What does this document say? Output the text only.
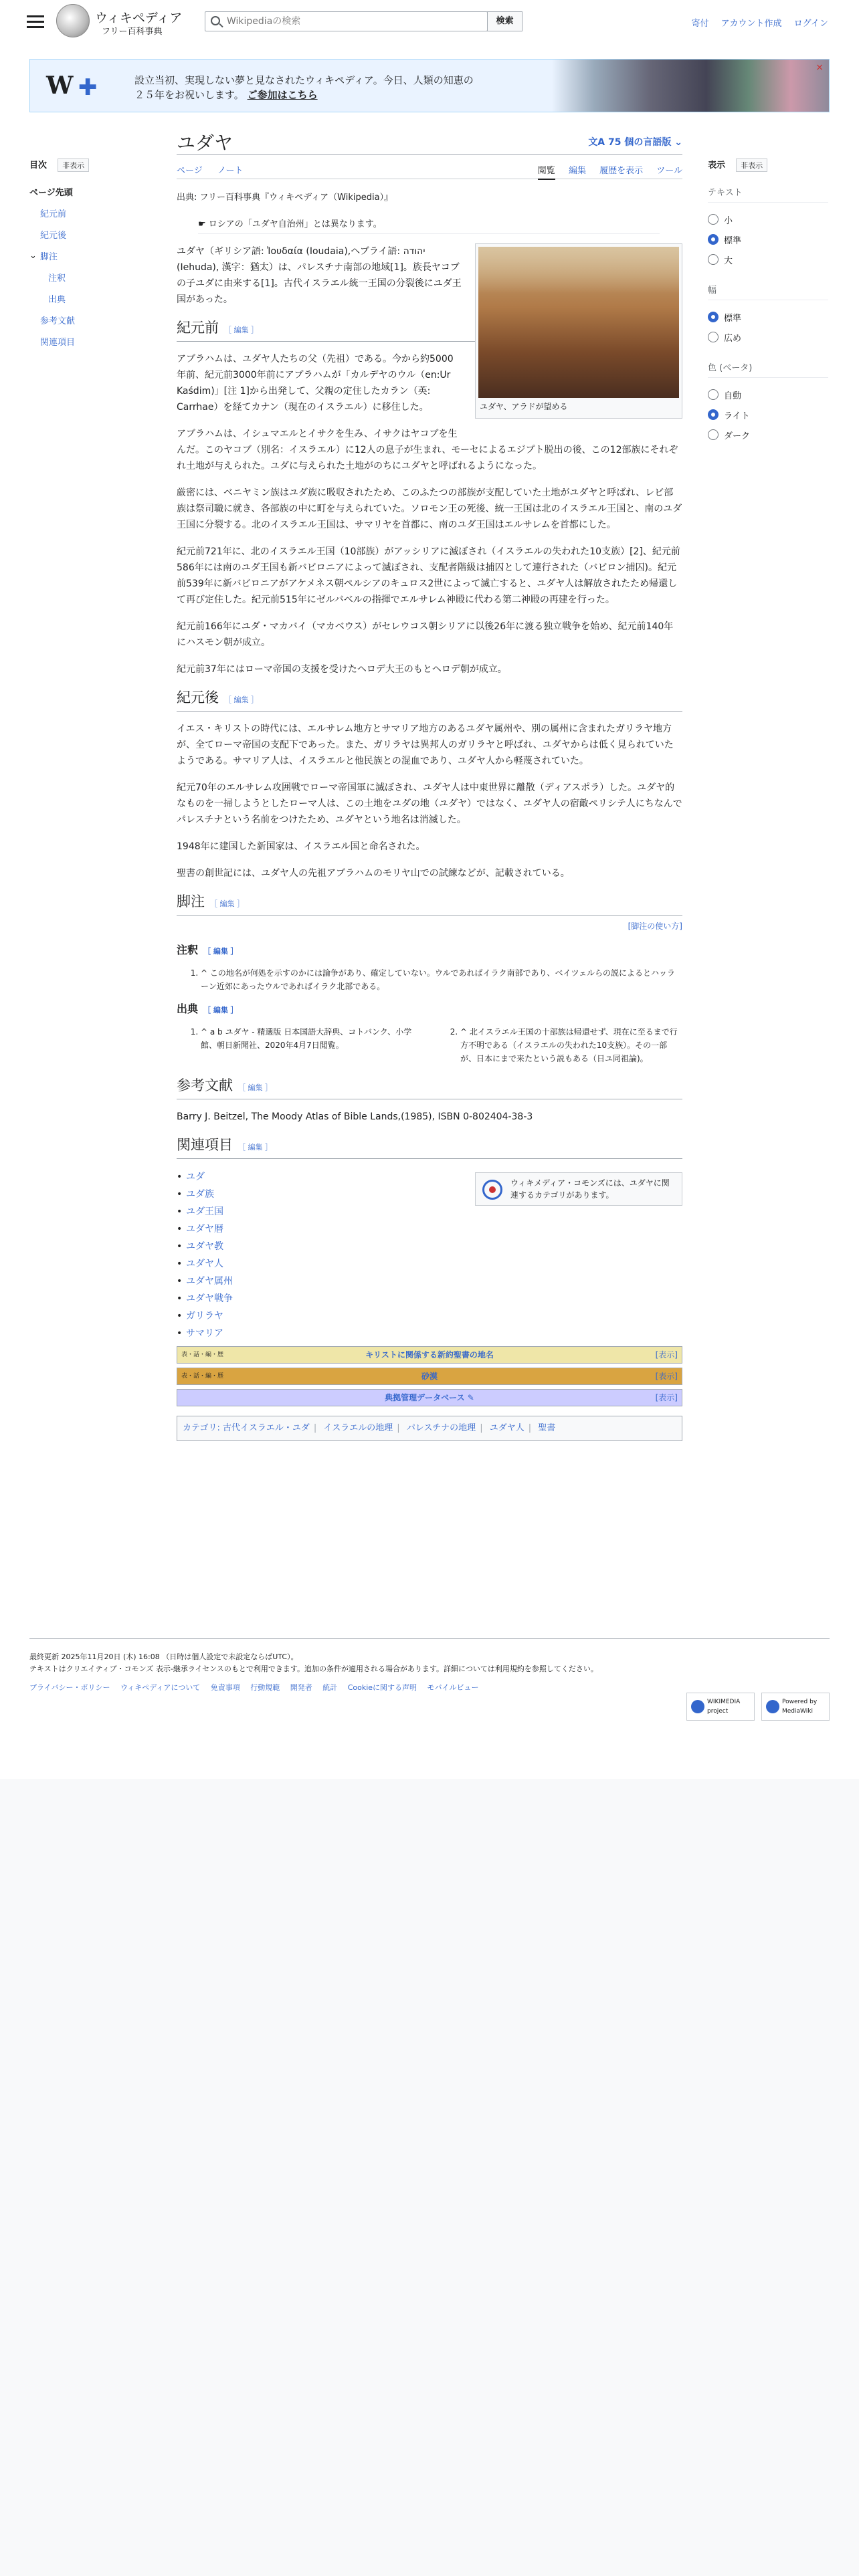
ウィキペディア
フリー百科事典
Wikipediaの検索
検索	寄付 アカウント作成 ログイン
W ✚	設立当初、実現しない夢と見なされたウィキペディア。今日、人類の知恵の２５年をお祝いします。 ご参加はこちら
×
目次 非表示
ページ先頭
紀元前
紀元後
⌄ 脚注
注釈
出典
参考文献
関連項目
ユダヤ	文A 75 個の言語版 ⌄
ページ ノート	閲覧 編集 履歴を表示 ツール
出典: フリー百科事典『ウィキペディア（Wikipedia）』
☛ ロシアの「ユダヤ自治州」とは異なります。
ユダヤ、アラドが望める

ユダヤ（ギリシア語: Ἰουδαία (Ioudaia),ヘブライ語: יהודה (Iehuda), 漢字：猶太）は、パレスチナ南部の地域[1]。族長ヤコブの子ユダに由来する[1]。古代イスラエル統一王国の分裂後にユダ王国があった。

紀元前 ［ 編集 ］

アブラハムは、ユダヤ人たちの父（先祖）である。今から約5000年前、紀元前3000年前にアブラハムが「カルデヤのウル（en:Ur Kaśdim)」[注 1]から出発して、父親の定住したカラン（英: Carrhae）を経てカナン（現在のイスラエル）に移住した。

アブラハムは、イシュマエルとイサクを生み、イサクはヤコブを生んだ。このヤコブ（別名：イスラエル）に12人の息子が生まれ、モーセによるエジプト脱出の後、この12部族にそれぞれ土地が与えられた。ユダに与えられた土地がのちにユダヤと呼ばれるようになった。

厳密には、ベニヤミン族はユダ族に吸収されたため、このふたつの部族が支配していた土地がユダヤと呼ばれ、レビ部族は祭司職に就き、各部族の中に町を与えられていた。ソロモン王の死後、統一王国は北のイスラエル王国と、南のユダ王国に分裂する。北のイスラエル王国は、サマリヤを首都に、南のユダ王国はエルサレムを首都にした。

紀元前721年に、北のイスラエル王国（10部族）がアッシリアに滅ぼされ（イスラエルの失われた10支族）[2]、紀元前586年には南のユダ王国も新バビロニアによって滅ぼされ、支配者階級は捕囚として連行された（バビロン捕囚)。紀元前539年に新バビロニアがアケメネス朝ペルシアのキュロス2世によって滅亡すると、ユダヤ人は解放されたため帰還して再び定住した。紀元前515年にゼルバベルの指揮でエルサレム神殿に代わる第二神殿の再建を行った。

紀元前166年にユダ・マカバイ（マカベウス）がセレウコス朝シリアに以後26年に渡る独立戦争を始め、紀元前140年にハスモン朝が成立。

紀元前37年にはローマ帝国の支援を受けたヘロデ大王のもとヘロデ朝が成立。

紀元後 ［ 編集 ］

イエス・キリストの時代には、エルサレム地方とサマリア地方のあるユダヤ属州や、別の属州に含まれたガリラヤ地方が、全てローマ帝国の支配下であった。また、ガリラヤは異邦人のガリラヤと呼ばれ、ユダヤからは低く見られていたようである。サマリア人は、イスラエルと他民族との混血であり、ユダヤ人から軽蔑されていた。

紀元70年のエルサレム攻囲戦でローマ帝国軍に滅ぼされ、ユダヤ人は中東世界に離散（ディアスポラ）した。ユダヤ的なものを一掃しようとしたローマ人は、この土地をユダの地（ユダヤ）ではなく、ユダヤ人の宿敵ペリシテ人にちなんでパレスチナという名前をつけたため、ユダヤという地名は消滅した。

1948年に建国した新国家は、イスラエル国と命名された。

聖書の創世記には、ユダヤ人の先祖アブラハムのモリヤ山での試練などが、記載されている。

脚注 ［ 編集 ］
[脚注の使い方]
注釈 ［ 編集 ］
1. ^ この地名が何処を示すのかには論争があり、確定していない。ウルであればイラク南部であり、ベイツェルらの説によるとハッラーン近郊にあったウルであればイラク北部である。
出典 ［ 編集 ］
1. ^ a b ユダヤ - 精選版 日本国語大辞典、コトバンク、小学館、朝日新聞社、2020年4月7日閲覧。
2. ^ 北イスラエル王国の十部族は帰還せず、現在に至るまで行方不明である（イスラエルの失われた10支族）。その一部が、日本にまで来たという説もある（日ユ同祖論)。
参考文献 ［ 編集 ］

Barry J. Beitzel, The Moody Atlas of Bible Lands,(1985), ISBN 0-802404-38-3

関連項目 ［ 編集 ］
ウィキメディア・コモンズには、ユダヤに関連するカテゴリがあります。
• ユダ
• ユダ族
• ユダ王国
• ユダヤ暦
• ユダヤ教
• ユダヤ人
• ユダヤ属州
• ユダヤ戦争
• ガリラヤ
• サマリア
表・話・編・歴	キリストに関係する新約聖書の地名	[表示]
表・話・編・歴	砂漠	[表示]
典拠管理データベース ✎	[表示]
カテゴリ: 古代イスラエル・ユダ | イスラエルの地理 | パレスチナの地理 | ユダヤ人 | 聖書
表示 非表示
テキスト
小
標準
大
幅
標準
広め
色 (ベータ)
自動
ライト
ダーク
最終更新 2025年11月20日 (木) 16:08 （日時は個人設定で未設定ならばUTC）。
テキストはクリエイティブ・コモンズ 表示-継承ライセンスのもとで利用できます。追加の条件が適用される場合があります。詳細については利用規約を参照してください。
プライバシー・ポリシー ウィキペディアについて 免責事項 行動規範 開発者 統計 Cookieに関する声明 モバイルビュー
WIKIMEDIA project
Powered by MediaWiki
